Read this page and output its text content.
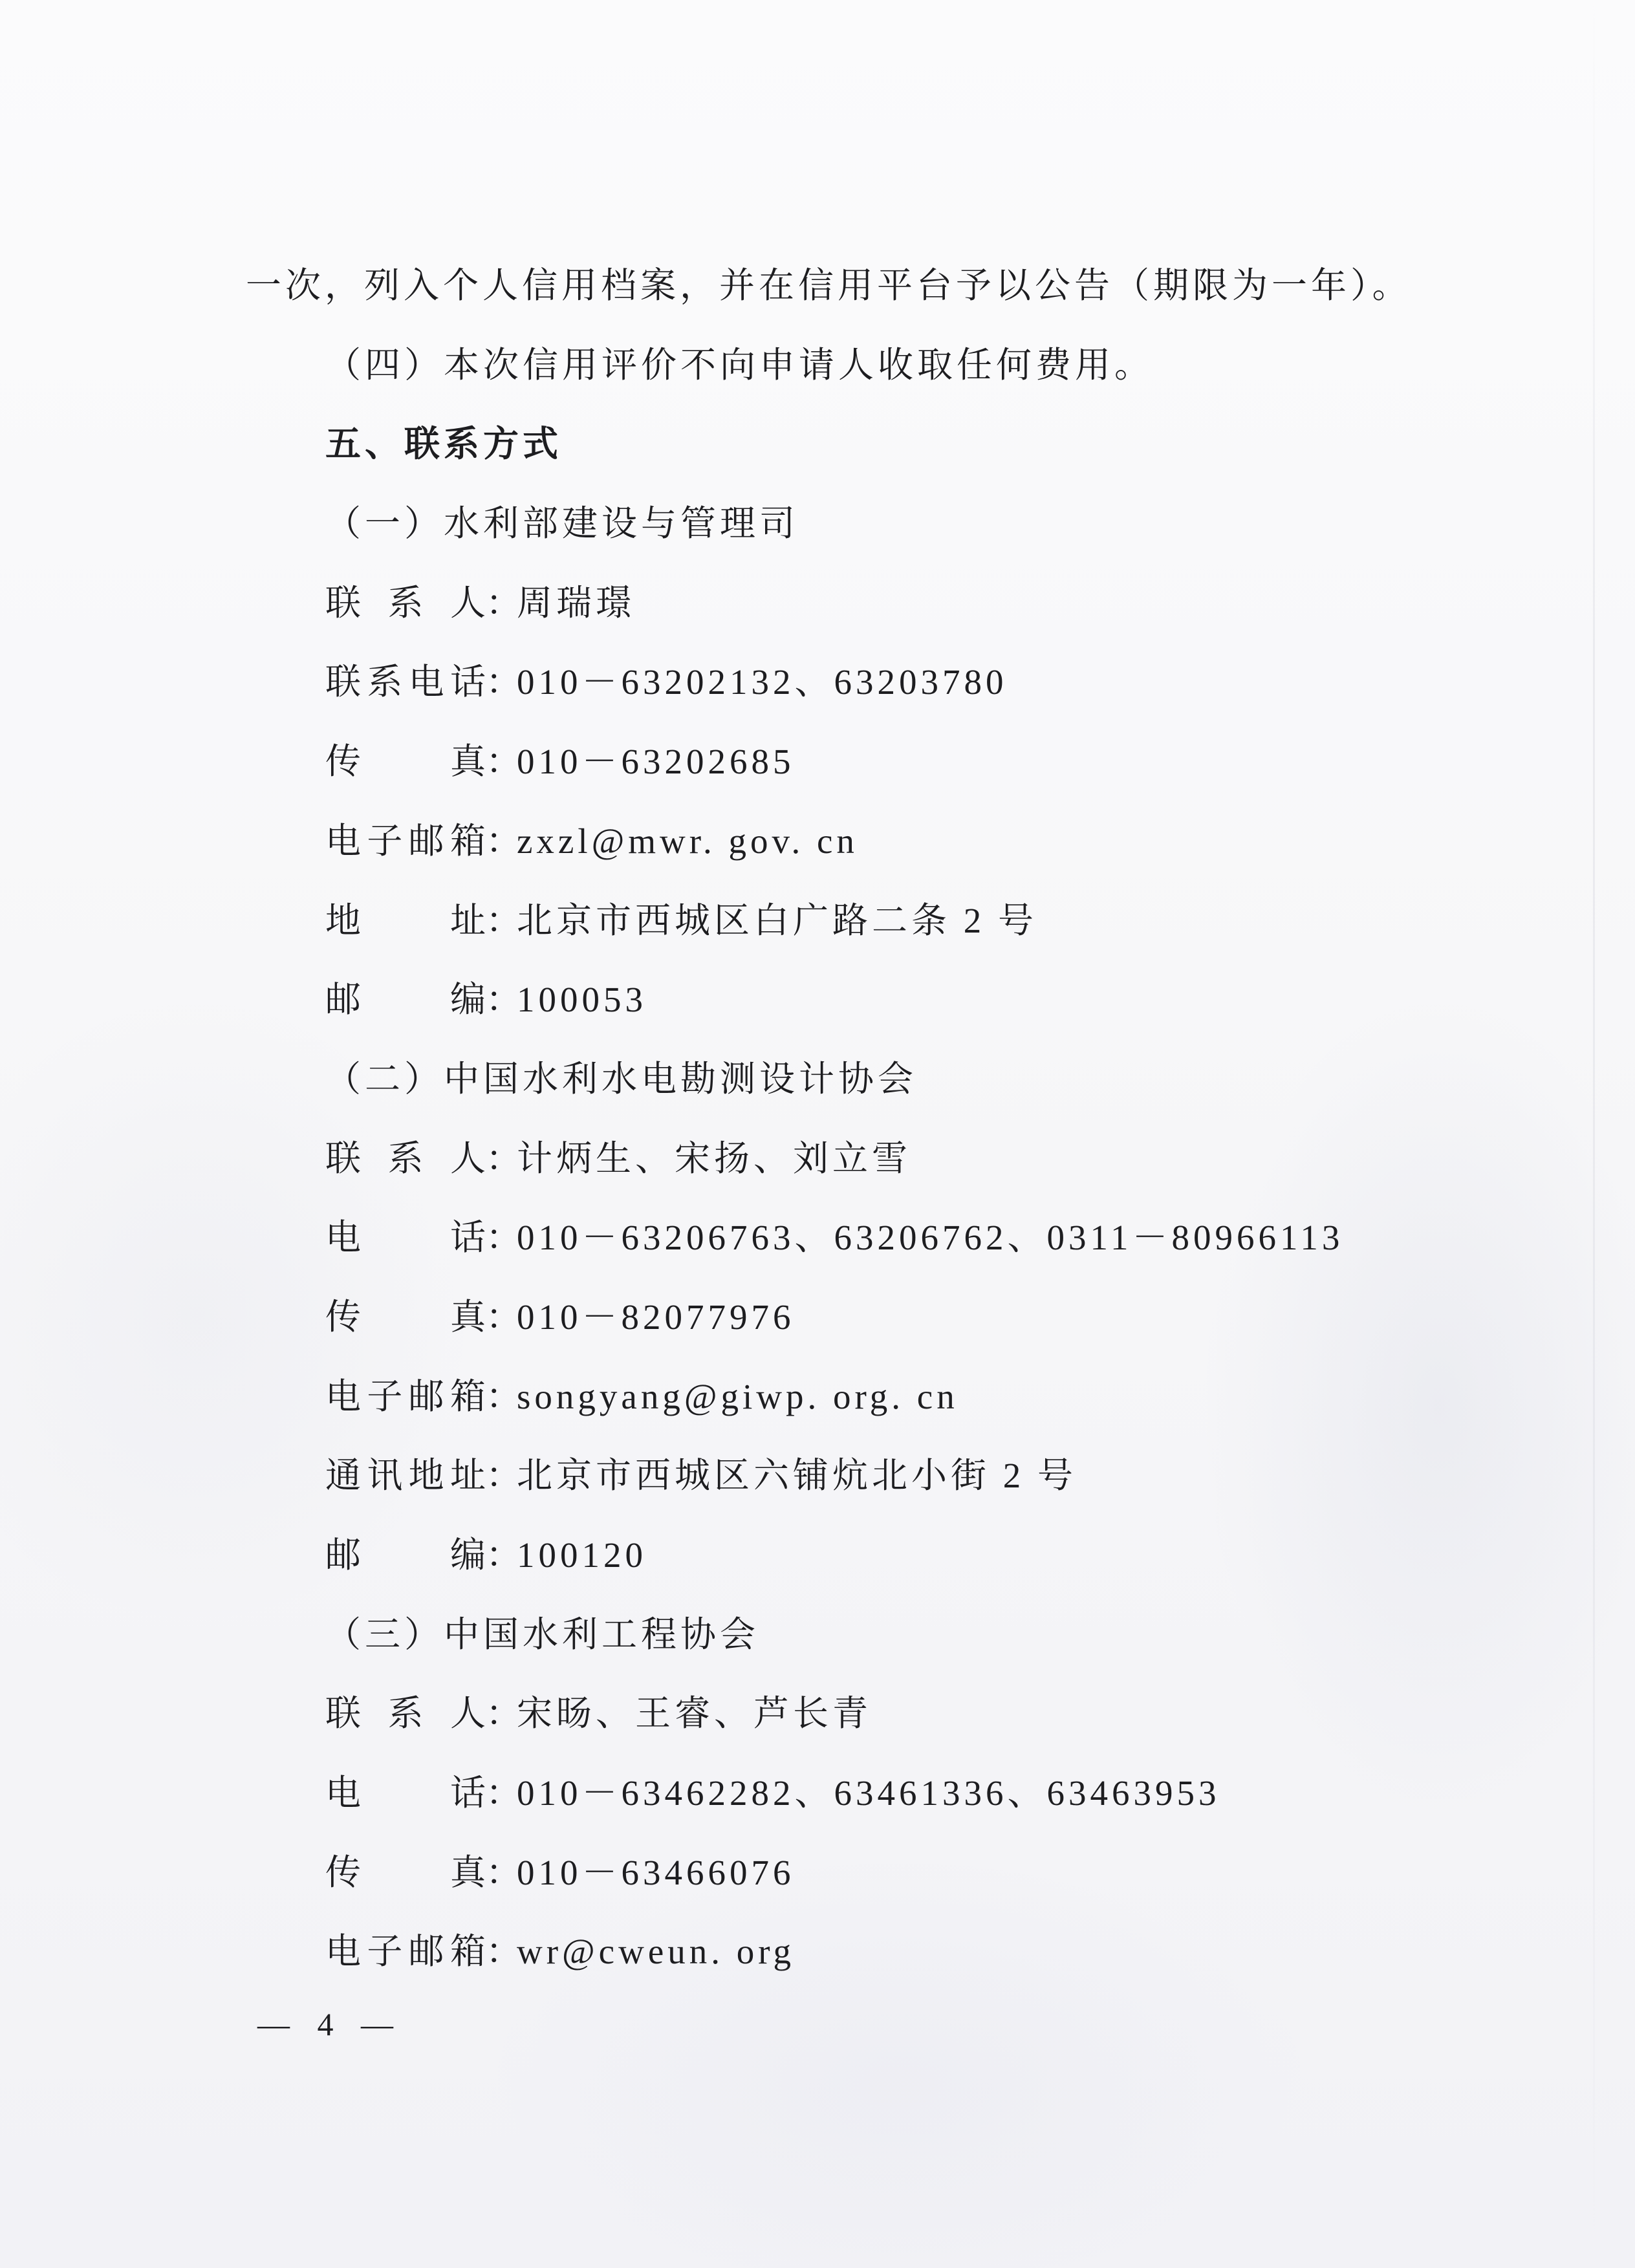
一次，列入个人信用档案，并在信用平台予以公告（期限为一年）。
（四）本次信用评价不向申请人收取任何费用。
五、联系方式
（一）水利部建设与管理司
联 系 人：周瑞璟
联系电话：010－63202132、63203780
传　　真：010－63202685
电子邮箱：zxzl@mwr. gov. cn
地　　址：北京市西城区白广路二条 2 号
邮　　编：100053
（二）中国水利水电勘测设计协会
联 系 人：计炳生、宋扬、刘立雪
电　　话：010－63206763、63206762、0311－80966113
传　　真：010－82077976
电子邮箱：songyang@giwp. org. cn
通讯地址：北京市西城区六铺炕北小街 2 号
邮　　编：100120
（三）中国水利工程协会
联 系 人：宋旸、王睿、芦长青
电　　话：010－63462282、63461336、63463953
传　　真：010－63466076
电子邮箱：wr@cweun. org
— 4 —
